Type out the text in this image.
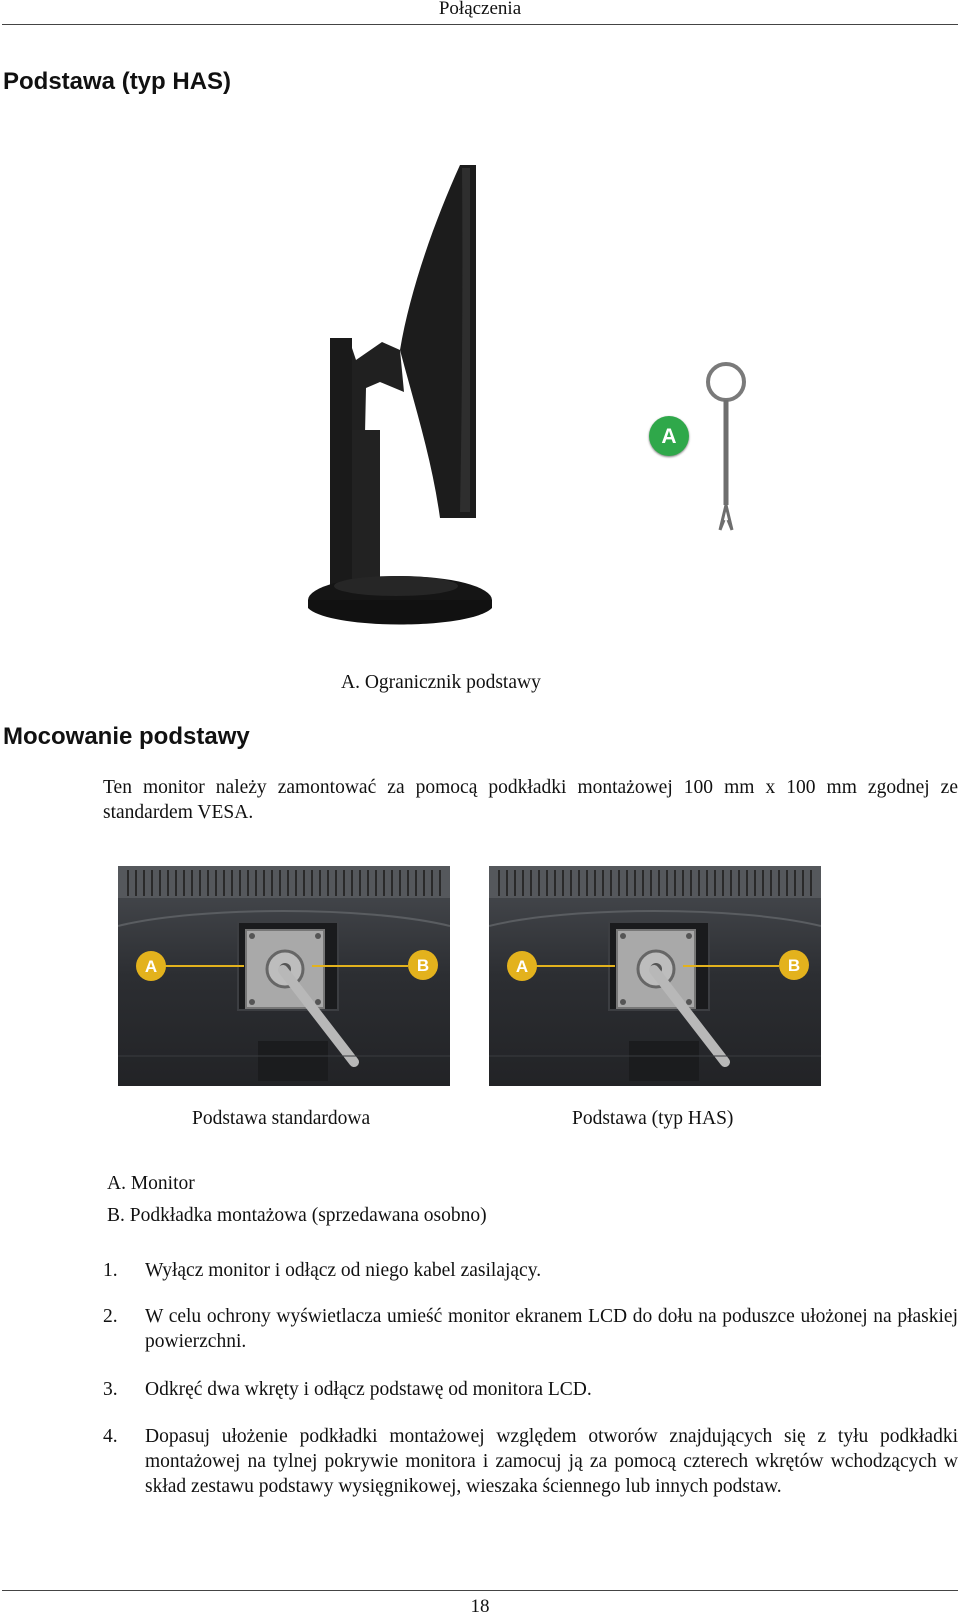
Połączenia
Podstawa (typ HAS)
A
A. Ogranicznik podstawy
Mocowanie podstawy
Ten monitor należy zamontować za pomocą podkładki montażowej 100 mm x 100 mm zgodnej ze standardem VESA.
A	B	A	B
Podstawa standardowa	Podstawa (typ HAS)
A. Monitor
B. Podkładka montażowa (sprzedawana osobno)
1. Wyłącz monitor i odłącz od niego kabel zasilający.
2. W celu ochrony wyświetlacza umieść monitor ekranem LCD do dołu na poduszce ułożonej na płaskiej powierzchni.
3. Odkręć dwa wkręty i odłącz podstawę od monitora LCD.
4. Dopasuj ułożenie podkładki montażowej względem otworów znajdujących się z tyłu podkładki montażowej na tylnej pokrywie monitora i zamocuj ją za pomocą czterech wkrętów wchodzących w skład zestawu podstawy wysięgnikowej, wieszaka ściennego lub innych podstaw.
18
